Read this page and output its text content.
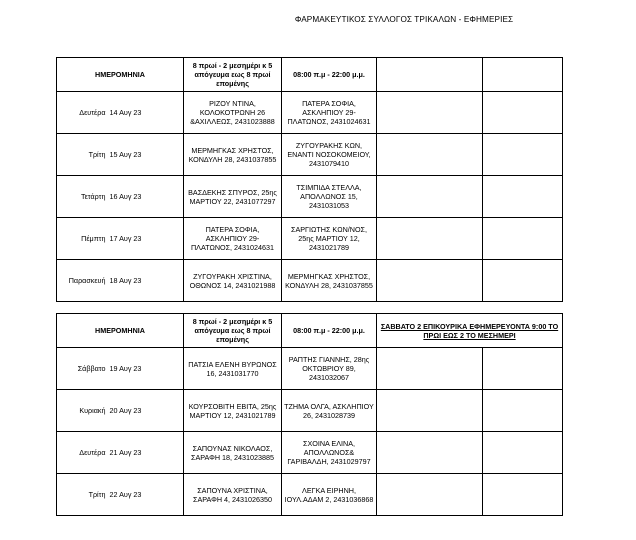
ΦΑΡΜΑΚΕΥΤΙΚΟΣ ΣΥΛΛΟΓΟΣ ΤΡΙΚΑΛΩΝ - ΕΦΗΜΕΡΙΕΣ
ΗΜΕΡΟΜΗΝΙΑ		8 πρωί - 2 μεσημέρι κ 5 απόγευμα εως 8 πρωί επομένης	08:00 π.μ - 22:00 μ.μ.		
Δευτέρα	14 Αυγ 23	ΡΙΖΟΥ ΝΤΙΝΑ, ΚΟΛΟΚΟΤΡΩΝΗ 26 &ΑΧΙΛΛΕΩΣ, 2431023888	ΠΑΤΕΡΑ ΣΟΦΙΑ, ΑΣΚΛΗΠΙΟΥ 29- ΠΛΑΤΩΝΟΣ, 2431024631		
Τρίτη	15 Αυγ 23	ΜΕΡΜΗΓΚΑΣ ΧΡΗΣΤΟΣ, ΚΟΝΔΥΛΗ 28, 2431037855	ΖΥΓΟΥΡΑΚΗΣ ΚΩΝ, ΕΝΑΝΤΙ ΝΟΣΟΚΟΜΕΙΟΥ, 2431079410		
Τετάρτη	16 Αυγ 23	ΒΑΣΔΕΚΗΣ ΣΠΥΡΟΣ, 25ης ΜΑΡΤΙΟΥ 22, 2431077297	ΤΣΙΜΠΙΔΑ ΣΤΕΛΛΑ, ΑΠΟΛΛΩΝΟΣ 15, 2431031053		
Πέμπτη	17 Αυγ 23	ΠΑΤΕΡΑ ΣΟΦΙΑ, ΑΣΚΛΗΠΙΟΥ 29- ΠΛΑΤΩΝΟΣ, 2431024631	ΣΑΡΓΙΩΤΗΣ ΚΩΝ/ΝΟΣ, 25ης ΜΑΡΤΙΟΥ 12, 2431021789		
Παρασκευή	18 Αυγ 23	ΖΥΓΟΥΡΑΚΗ ΧΡΙΣΤΙΝΑ, ΟΘΩΝΟΣ 14, 2431021988	ΜΕΡΜΗΓΚΑΣ ΧΡΗΣΤΟΣ, ΚΟΝΔΥΛΗ 28, 2431037855		
ΗΜΕΡΟΜΗΝΙΑ		8 πρωί - 2 μεσημέρι κ 5 απόγευμα εως 8 πρωί επομένης	08:00 π.μ - 22:00 μ.μ.	ΣΑΒΒΑΤΟ 2 ΕΠΙΚΟΥΡΙΚΑ ΕΦΗΜΕΡΕΥΟΝΤΑ 9:00 ΤΟ ΠΡΩΙ ΕΩΣ 2 ΤΟ ΜΕΣΗΜΕΡΙ	
Σάββατο	19 Αυγ 23	ΠΑΤΣΙΑ ΕΛΕΝΗ ΒΥΡΩΝΟΣ 16, 2431031770	ΡΑΠΤΗΣ ΓΙΑΝΝΗΣ, 28ης ΟΚΤΩΒΡΙΟΥ 89, 2431032067		
Κυριακή	20 Αυγ 23	ΚΟΥΡΣΟΒΙΤΗ ΕΒΙΤΑ, 25ης ΜΑΡΤΙΟΥ 12, 2431021789	ΤΖΗΜΑ ΟΛΓΑ, ΑΣΚΛΗΠΙΟΥ 26, 2431028739		
Δευτέρα	21 Αυγ 23	ΣΑΠΟΥΝΑΣ ΝΙΚΟΛΑΟΣ, ΣΑΡΑΦΗ 18, 2431023885	ΣΧΟΙΝΑ ΕΛΙΝΑ, ΑΠΟΛΛΩΝΟΣ& ΓΑΡΙΒΑΛΔΗ, 2431029797		
Τρίτη	22 Αυγ 23	ΣΑΠΟΥΝΑ ΧΡΙΣΤΙΝΑ, ΣΑΡΑΦΗ 4, 2431026350	ΛΕΓΚΑ ΕΙΡΗΝΗ, ΙΟΥΛ.ΑΔΑΜ 2, 2431036868		
